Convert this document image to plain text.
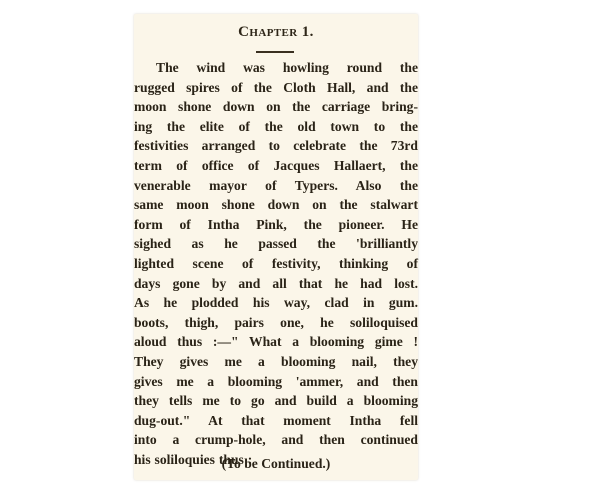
Chapter 1.
The wind was howling round the
rugged spires of the Cloth Hall, and the
moon shone down on the carriage bring-
ing the elite of the old town to the
festivities arranged to celebrate the 73rd
term of office of Jacques Hallaert, the
venerable mayor of Typers. Also the
same moon shone down on the stalwart
form of Intha Pink, the pioneer. He
sighed as he passed the 'brilliantly
lighted scene of festivity, thinking of
days gone by and all that he had lost.
As he plodded his way, clad in gum.
boots, thigh, pairs one, he soliloquised
aloud thus :—" What a blooming gime !
They gives me a blooming nail, they
gives me a blooming 'ammer, and then
they tells me to go and build a blooming
dug-out." At that moment Intha fell
into a crump-hole, and then continued
his soliloquies thus :
(To be Continued.)
